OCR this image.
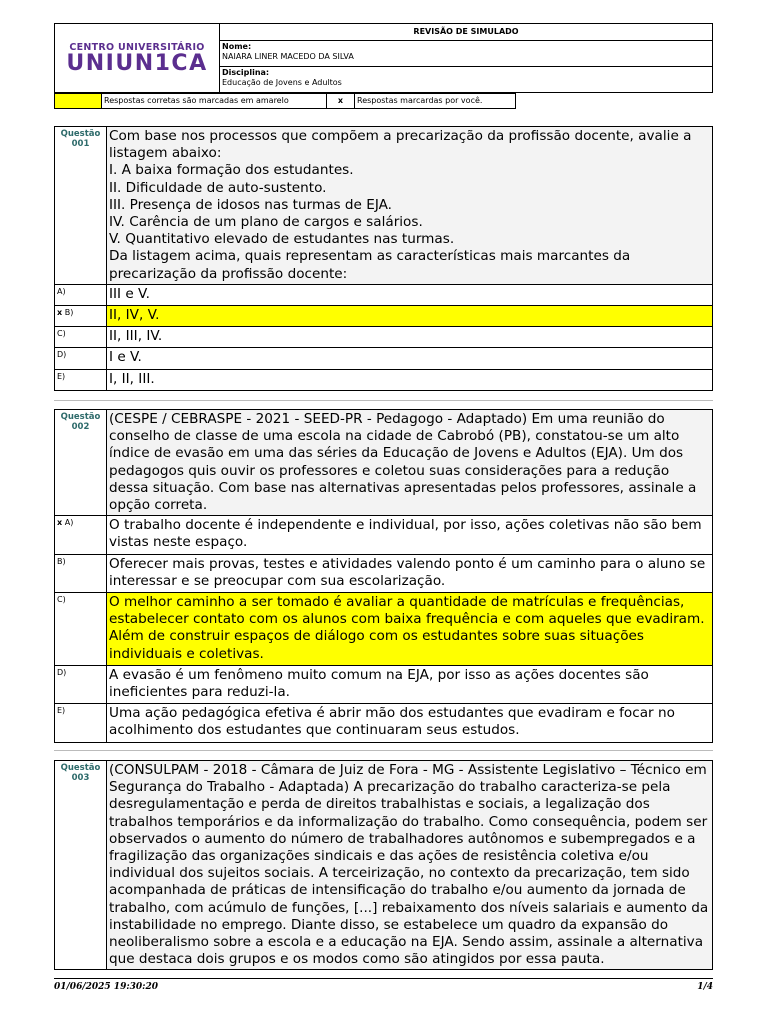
CENTRO UNIVERSITÁRIO
UNIUN1CA
REVISÃO DE SIMULADO
Nome:
NAIARA LINER MACEDO DA SILVA
Disciplina:
Educação de Jovens e Adultos
Respostas corretas são marcadas em amarelo	x	Respostas marcardas por você.
Questão
001	Com base nos processos que compõem a precarização da profissão docente, avalie a listagem abaixo:
I. A baixa formação dos estudantes.
II. Dificuldade de auto-sustento.
III. Presença de idosos nas turmas de EJA.
IV. Carência de um plano de cargos e salários.
V. Quantitativo elevado de estudantes nas turmas.
Da listagem acima, quais representam as características mais marcantes da precarização da profissão docente:
A)	III e V.
x B)	II, IV, V.
C)	II, III, IV.
D)	I e V.
E)	I, II, III.
Questão
002	(CESPE / CEBRASPE - 2021 - SEED-PR - Pedagogo - Adaptado) Em uma reunião do conselho de classe de uma escola na cidade de Cabrobó (PB), constatou-se um alto índice de evasão em uma das séries da Educação de Jovens e Adultos (EJA). Um dos pedagogos quis ouvir os professores e coletou suas considerações para a redução dessa situação. Com base nas alternativas apresentadas pelos professores, assinale a opção correta.
x A)	O trabalho docente é independente e individual, por isso, ações coletivas não são bem vistas neste espaço.
B)	Oferecer mais provas, testes e atividades valendo ponto é um caminho para o aluno se interessar e se preocupar com sua escolarização.
C)	O melhor caminho a ser tomado é avaliar a quantidade de matrículas e frequências, estabelecer contato com os alunos com baixa frequência e com aqueles que evadiram. Além de construir espaços de diálogo com os estudantes sobre suas situações individuais e coletivas.
D)	A evasão é um fenômeno muito comum na EJA, por isso as ações docentes são ineficientes para reduzi-la.
E)	Uma ação pedagógica efetiva é abrir mão dos estudantes que evadiram e focar no acolhimento dos estudantes que continuaram seus estudos.
Questão
003	(CONSULPAM - 2018 - Câmara de Juiz de Fora - MG - Assistente Legislativo – Técnico em Segurança do Trabalho - Adaptada) A precarização do trabalho caracteriza-se pela desregulamentação e perda de direitos trabalhistas e sociais, a legalização dos trabalhos temporários e da informalização do trabalho. Como consequência, podem ser observados o aumento do número de trabalhadores autônomos e subempregados e a fragilização das organizações sindicais e das ações de resistência coletiva e/ou individual dos sujeitos sociais. A terceirização, no contexto da precarização, tem sido acompanhada de práticas de intensificação do trabalho e/ou aumento da jornada de trabalho, com acúmulo de funções, [...] rebaixamento dos níveis salariais e aumento da instabilidade no emprego. Diante disso, se estabelece um quadro da expansão do neoliberalismo sobre a escola e a educação na EJA. Sendo assim, assinale a alternativa que destaca dois grupos e os modos como são atingidos por essa pauta.
01/06/2025 19:30:20	1/4
